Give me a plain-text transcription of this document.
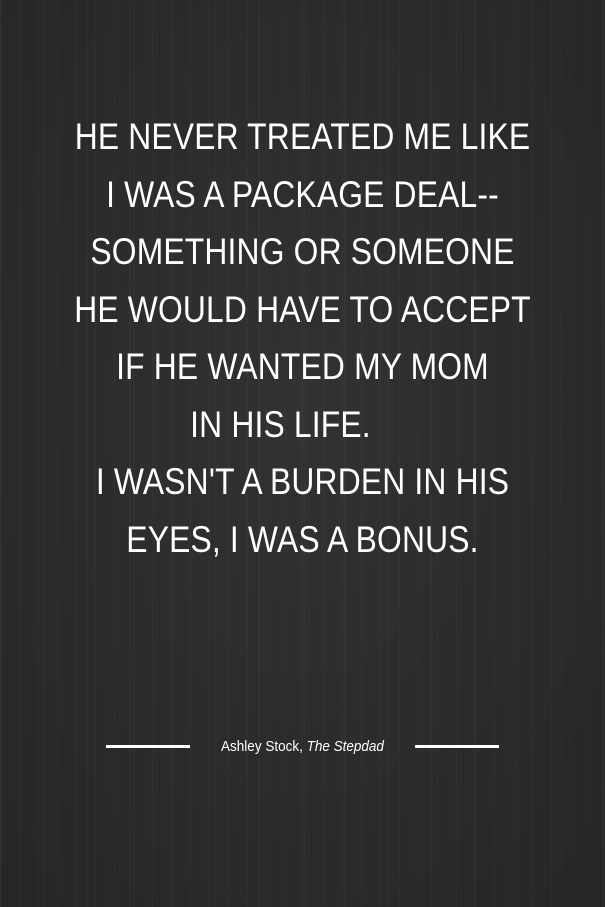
HE NEVER TREATED ME LIKE
I WAS A PACKAGE DEAL--
SOMETHING OR SOMEONE
HE WOULD HAVE TO ACCEPT
IF HE WANTED MY MOM
IN HIS LIFE.
I WASN'T A BURDEN IN HIS
EYES, I WAS A BONUS.
Ashley Stock, The Stepdad
